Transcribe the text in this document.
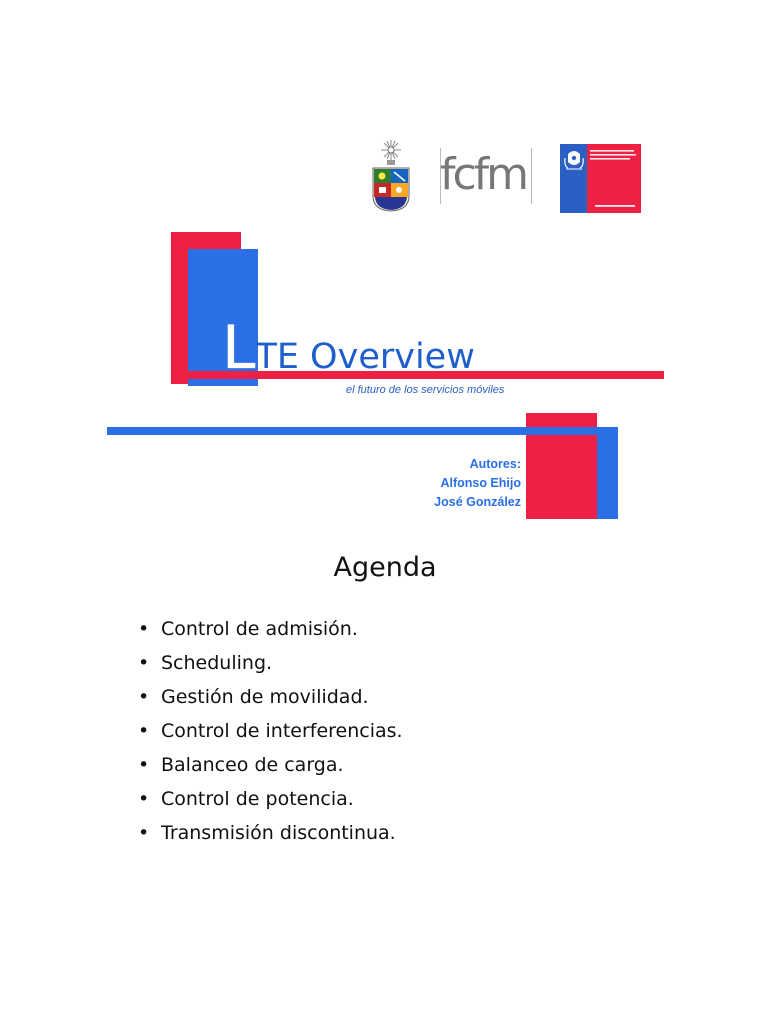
fcfm
LTE Overview
el futuro de los servicios móviles
Autores:
Alfonso Ehijo
José González
Agenda
• Control de admisión.
• Scheduling.
• Gestión de movilidad.
• Control de interferencias.
• Balanceo de carga.
• Control de potencia.
• Transmisión discontinua.
